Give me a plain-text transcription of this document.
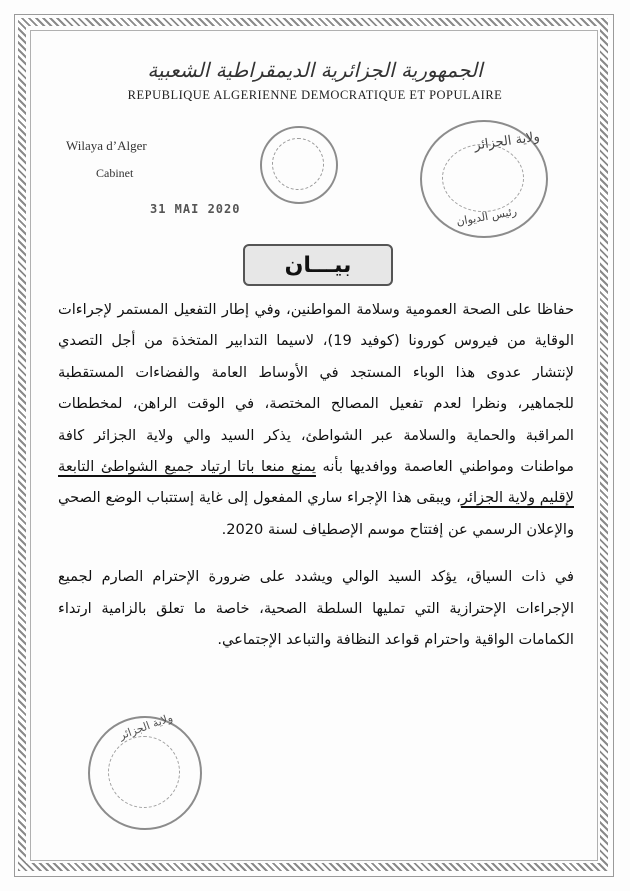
الجمهورية الجزائرية الديمقراطية الشعبية
REPUBLIQUE ALGERIENNE DEMOCRATIQUE ET POPULAIRE
Wilaya d’Alger
Cabinet
31 MAI 2020
ولاية الجزائر
رئيس الديوان
ولاية الجزائر
بيـــان

حفاظا على الصحة العمومية وسلامة المواطنين، وفي إطار التفعيل المستمر لإجراءات الوقاية من فيروس كورونا (كوفيد 19)، لاسيما التدابير المتخذة من أجل التصدي لإنتشار عدوى هذا الوباء المستجد في الأوساط العامة والفضاءات المستقطبة للجماهير، ونظرا لعدم تفعيل المصالح المختصة، في الوقت الراهن، لمخططات المراقبة والحماية والسلامة عبر الشواطئ، يذكر السيد والي ولاية الجزائر كافة مواطنات ومواطني العاصمة ووافديها بأنه يمنع منعا باتا ارتياد جميع الشواطئ التابعة لإقليم ولاية الجزائر، ويبقى هذا الإجراء ساري المفعول إلى غاية إستتباب الوضع الصحي والإعلان الرسمي عن إفتتاح موسم الإصطياف لسنة 2020.

في ذات السياق، يؤكد السيد الوالي ويشدد على ضرورة الإحترام الصارم لجميع الإجراءات الإحترازية التي تمليها السلطة الصحية، خاصة ما تعلق بالزامية ارتداء الكمامات الواقية واحترام قواعد النظافة والتباعد الإجتماعي.
